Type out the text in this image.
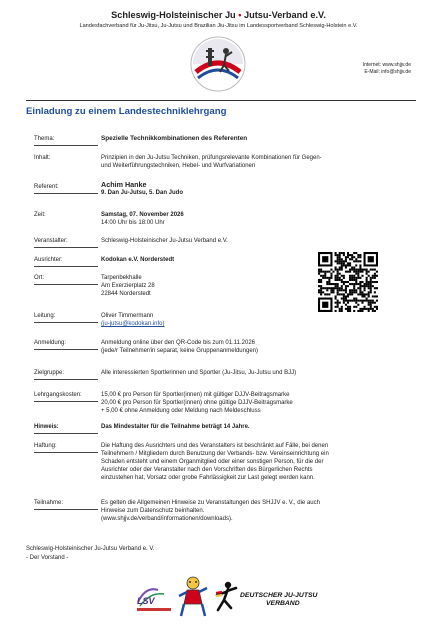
Schleswig-Holsteinischer Ju • Jutsu-Verband e.V.
Landesfachverband für Ju-Jitsu, Ju-Jutsu und Brazilian Jiu-Jitsu im Landessportverband Schleswig-Holstein e.V.
Internet: www.shjjv.de
E-Mail: info@shjjv.de
Einladung zu einem Landestechniklehrgang
Thema:	Spezielle Technikkombinationen des Referenten
Inhalt:	Prinzipien in den Ju-Jutsu Techniken, prüfungsrelevante Kombinationen für Gegen-
und Weiterführungstechniken, Hebel- und Wurfvariationen
Referent:	Achim Hanke
9. Dan Ju-Jutsu, 5. Dan Judo
Zeit:	Samstag, 07. November 2026
14:00 Uhr bis 18:00 Uhr
Veranstalter:	Schleswig-Holsteinischer Ju-Jutsu Verband e.V.
Ausrichter:	Kodokan e.V. Norderstedt
Ort:	Tarpenbekhalle
Am Exerzierplatz 28
22844 Norderstedt
Leitung:	Oliver Timmermann
(ju-jutsu@kodokan.info)
Anmeldung:	Anmeldung online über den QR-Code bis zum 01.11.2026
(jede/r Teilnehmer/in separat, keine Gruppenanmeldungen)
Zielgruppe:	Alle interessierten Sportlerinnen und Sportler (Ju-Jitsu, Ju-Jutsu und BJJ)
Lehrgangskosten:	15,00 € pro Person für Sportler(innen) mit gültiger DJJV-Beitragsmarke
20,00 € pro Person für Sportler(innen) ohne gültige DJJV-Beitragsmarke
+ 5,00 € ohne Anmeldung oder Meldung nach Meldeschluss
Hinweis:	Das Mindestalter für die Teilnahme beträgt 14 Jahre.
Haftung:	Die Haftung des Ausrichters und des Veranstalters ist beschränkt auf Fälle, bei denen
Teilnehmern / Mitgliedern durch Benutzung der Verbands- bzw. Vereinseinrichtung ein
Schaden entsteht und einem Organmitglied oder einer sonstigen Person, für die der
Ausrichter oder der Veranstalter nach den Vorschriften des Bürgerlichen Rechts
einzustehen hat, Vorsatz oder grobe Fahrlässigkeit zur Last gelegt werden kann.
Teilnahme:	Es gelten die Allgemeinen Hinweise zu Veranstaltungen des SHJJV e. V., die auch
Hinweise zum Datenschutz beinhalten.
(www.shjjv.de/verband/informationen/downloads).
Schleswig-Holsteinischer Ju-Jutsu Verband e. V.
- Der Vorstand -
LSV
DEUTSCHER JU-JUTSU
VERBAND
